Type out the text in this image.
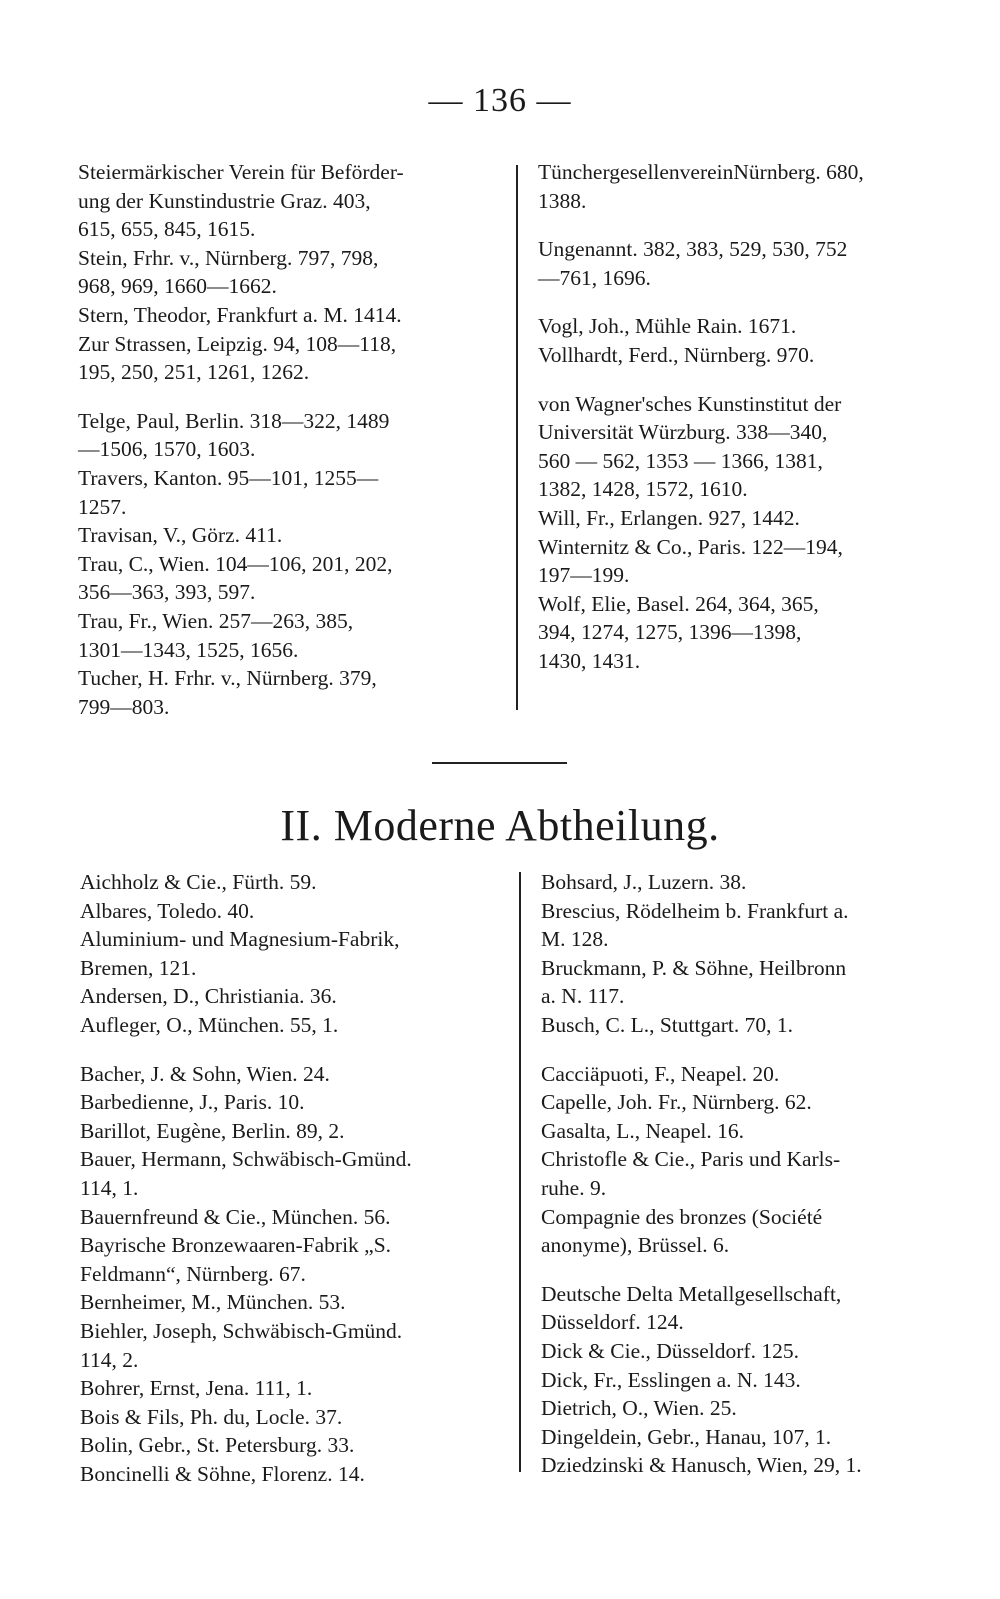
— 136 —
Steiermärkischer Verein für Beförder-
ung der Kunstindustrie Graz. 403,
615, 655, 845, 1615.
Stein, Frhr. v., Nürnberg. 797, 798,
968, 969, 1660—1662.
Stern, Theodor, Frankfurt a. M. 1414.
Zur Strassen, Leipzig. 94, 108—118,
195, 250, 251, 1261, 1262.
Telge, Paul, Berlin. 318—322, 1489
—1506, 1570, 1603.
Travers, Kanton. 95—101, 1255—
1257.
Travisan, V., Görz. 411.
Trau, C., Wien. 104—106, 201, 202,
356—363, 393, 597.
Trau, Fr., Wien. 257—263, 385,
1301—1343, 1525, 1656.
Tucher, H. Frhr. v., Nürnberg. 379,
799—803.
TünchergesellenvereinNürnberg. 680,
1388.
Ungenannt. 382, 383, 529, 530, 752
—761, 1696.
Vogl, Joh., Mühle Rain. 1671.
Vollhardt, Ferd., Nürnberg. 970.
von Wagner'sches Kunstinstitut der
Universität Würzburg. 338—340,
560 — 562, 1353 — 1366, 1381,
1382, 1428, 1572, 1610.
Will, Fr., Erlangen. 927, 1442.
Winternitz & Co., Paris. 122—194,
197—199.
Wolf, Elie, Basel. 264, 364, 365,
394, 1274, 1275, 1396—1398,
1430, 1431.
II. Moderne Abtheilung.
Aichholz & Cie., Fürth. 59.
Albares, Toledo. 40.
Aluminium- und Magnesium-Fabrik,
Bremen, 121.
Andersen, D., Christiania. 36.
Aufleger, O., München. 55, 1.
Bacher, J. & Sohn, Wien. 24.
Barbedienne, J., Paris. 10.
Barillot, Eugène, Berlin. 89, 2.
Bauer, Hermann, Schwäbisch-Gmünd.
114, 1.
Bauernfreund & Cie., München. 56.
Bayrische Bronzewaaren-Fabrik „S.
Feldmann“, Nürnberg. 67.
Bernheimer, M., München. 53.
Biehler, Joseph, Schwäbisch-Gmünd.
114, 2.
Bohrer, Ernst, Jena. 111, 1.
Bois & Fils, Ph. du, Locle. 37.
Bolin, Gebr., St. Petersburg. 33.
Boncinelli & Söhne, Florenz. 14.
Bohsard, J., Luzern. 38.
Brescius, Rödelheim b. Frankfurt a.
M. 128.
Bruckmann, P. & Söhne, Heilbronn
a. N. 117.
Busch, C. L., Stuttgart. 70, 1.
Cacciäpuoti, F., Neapel. 20.
Capelle, Joh. Fr., Nürnberg. 62.
Gasalta, L., Neapel. 16.
Christofle & Cie., Paris und Karls-
ruhe. 9.
Compagnie des bronzes (Société
anonyme), Brüssel. 6.
Deutsche Delta Metallgesellschaft,
Düsseldorf. 124.
Dick & Cie., Düsseldorf. 125.
Dick, Fr., Esslingen a. N. 143.
Dietrich, O., Wien. 25.
Dingeldein, Gebr., Hanau, 107, 1.
Dziedzinski & Hanusch, Wien, 29, 1.
